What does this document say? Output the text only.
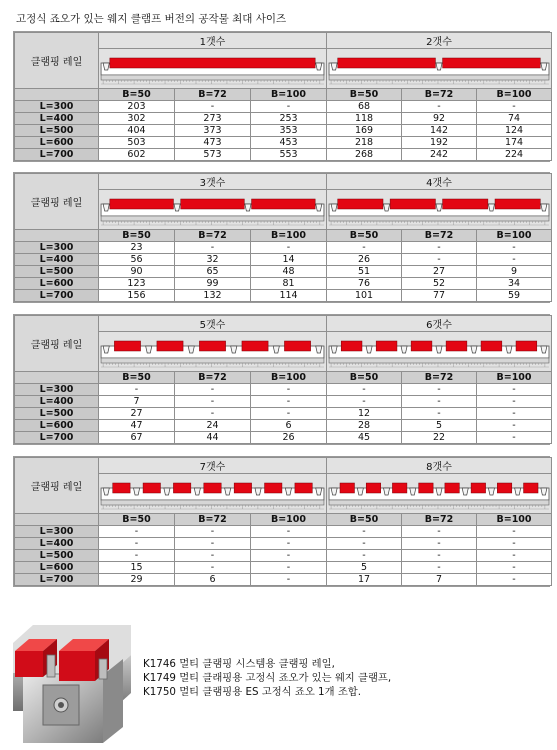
고정식 죠오가 있는 웨지 클램프 버전의 공작물 최대 사이즈
클램핑 레일	1갯수			2갯수		

	B=50	B=72	B=100	B=50	B=72	B=100
L=300	203	-	-	68	-	-
L=400	302	273	253	118	92	74
L=500	404	373	353	169	142	124
L=600	503	473	453	218	192	174
L=700	602	573	553	268	242	224
클램핑 레일	3갯수			4갯수		

	B=50	B=72	B=100	B=50	B=72	B=100
L=300	23	-	-	-	-	-
L=400	56	32	14	26	-	-
L=500	90	65	48	51	27	9
L=600	123	99	81	76	52	34
L=700	156	132	114	101	77	59
클램핑 레일	5갯수			6갯수		

	B=50	B=72	B=100	B=50	B=72	B=100
L=300	-	-	-	-	-	-
L=400	7	-	-	-	-	-
L=500	27	-	-	12	-	-
L=600	47	24	6	28	5	-
L=700	67	44	26	45	22	-
클램핑 레일	7갯수			8갯수		

	B=50	B=72	B=100	B=50	B=72	B=100
L=300	-	-	-	-	-	-
L=400	-	-	-	-	-	-
L=500	-	-	-	-	-	-
L=600	15	-	-	5	-	-
L=700	29	6	-	17	7	-
K1746 멀티 클램핑 시스템용 클램핑 레일,
K1749 멀티 클래핑용 고정식 죠오가 있는 웨지 클램프,
K1750 멀티 클램핑용 ES 고정식 죠오 1개 조합.
